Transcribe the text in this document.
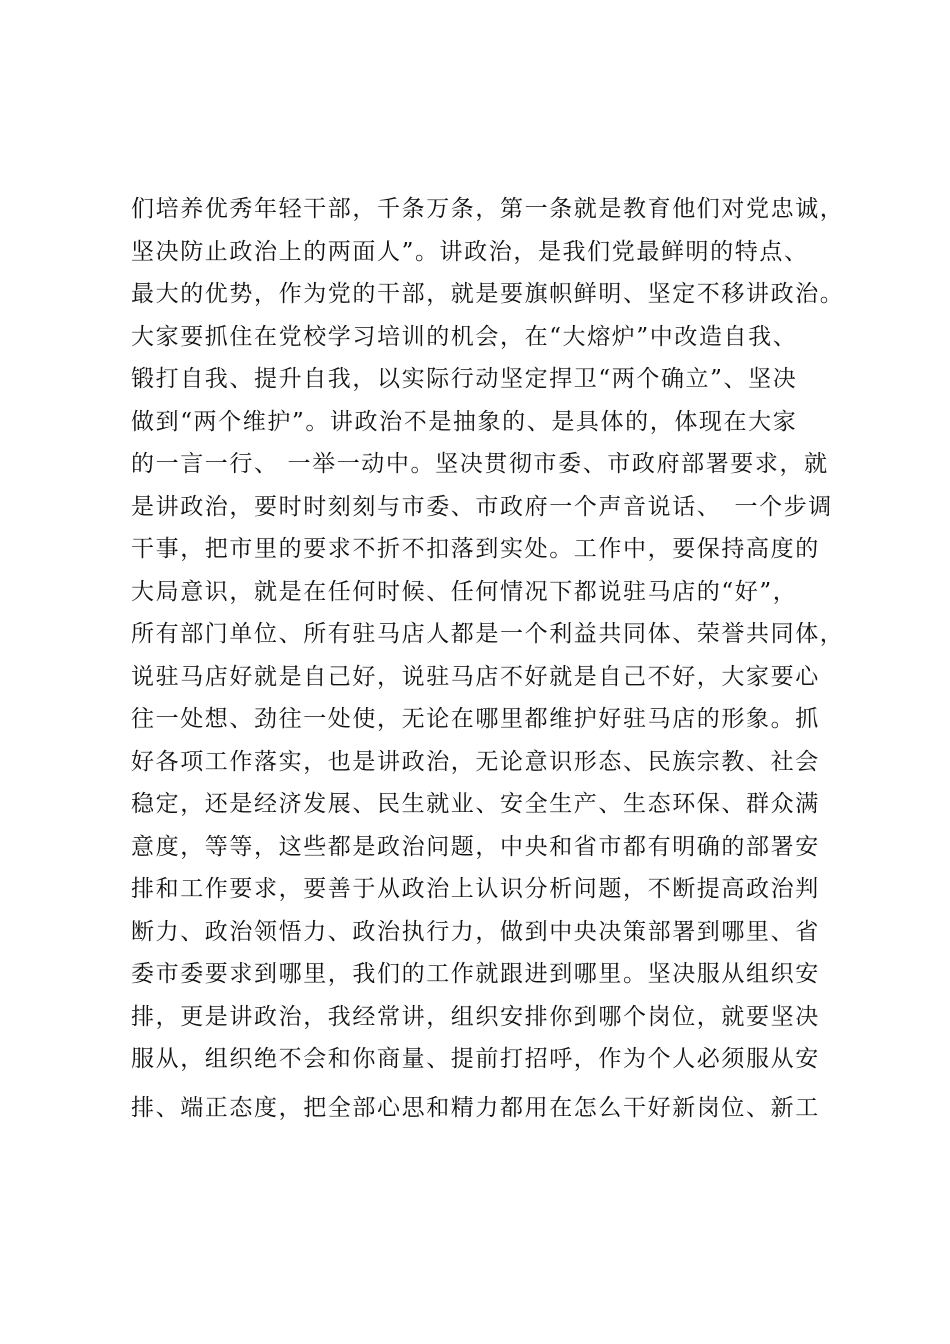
们培养优秀年轻干部，千条万条，第一条就是教育他们对党忠诚，
坚决防止政治上的两面人”。讲政治，是我们党最鲜明的特点、
最大的优势，作为党的干部，就是要旗帜鲜明、坚定不移讲政治。
大家要抓住在党校学习培训的机会，在“大熔炉”中改造自我、
锻打自我、提升自我，以实际行动坚定捍卫“两个确立”、坚决
做到“两个维护”。讲政治不是抽象的、是具体的，体现在大家
的一言一行、 一举一动中。坚决贯彻市委、市政府部署要求，就
是讲政治，要时时刻刻与市委、市政府一个声音说话、　一个步调
干事，把市里的要求不折不扣落到实处。工作中，要保持高度的
大局意识，就是在任何时候、任何情况下都说驻马店的“好”，
所有部门单位、所有驻马店人都是一个利益共同体、荣誉共同体，
说驻马店好就是自己好，说驻马店不好就是自己不好，大家要心
往一处想、劲往一处使，无论在哪里都维护好驻马店的形象。抓
好各项工作落实，也是讲政治，无论意识形态、民族宗教、社会
稳定，还是经济发展、民生就业、安全生产、生态环保、群众满
意度，等等，这些都是政治问题，中央和省市都有明确的部署安
排和工作要求，要善于从政治上认识分析问题，不断提高政治判
断力、政治领悟力、政治执行力，做到中央决策部署到哪里、省
委市委要求到哪里，我们的工作就跟进到哪里。坚决服从组织安
排，更是讲政治，我经常讲，组织安排你到哪个岗位，就要坚决
服从，组织绝不会和你商量、提前打招呼，作为个人必须服从安
排、端正态度，把全部心思和精力都用在怎么干好新岗位、新工
